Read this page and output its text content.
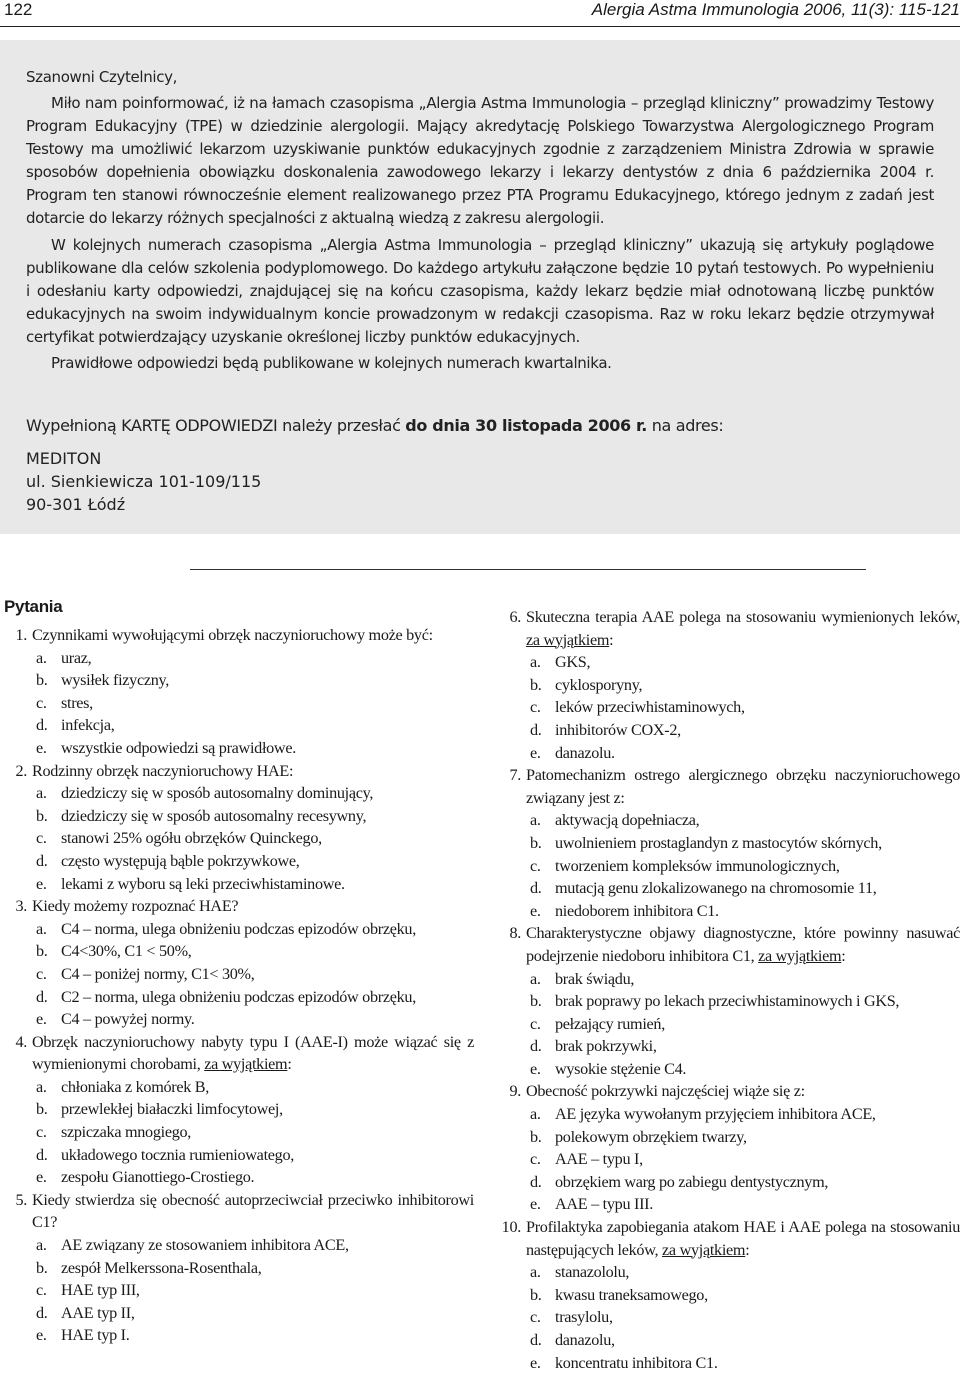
122	Alergia Astma Immunologia 2006, 11(3): 115-121

Szanowni Czytelnicy,

Miło nam poinformować, iż na łamach czasopisma „Alergia Astma Immunologia – przegląd kliniczny” prowadzimy Testowy Program Edukacyjny (TPE) w dziedzinie alergologii. Mający akredytację Polskiego Towarzystwa Alergologicznego Program Testowy ma umożliwić lekarzom uzyskiwanie punktów edukacyjnych zgodnie z zarządzeniem Ministra Zdrowia w sprawie sposobów dopełnienia obowiązku doskonalenia zawodowego lekarzy i lekarzy dentystów z dnia 6 października 2004 r. Program ten stanowi równocześnie element realizowanego przez PTA Programu Edukacyjnego, którego jednym z zadań jest dotarcie do lekarzy różnych specjalności z aktualną wiedzą z zakresu alergologii.

W kolejnych numerach czasopisma „Alergia Astma Immunologia – przegląd kliniczny” ukazują się artykuły poglądowe publikowane dla celów szkolenia podyplomowego. Do każdego artykułu załączone będzie 10 pytań testowych. Po wypełnieniu i odesłaniu karty odpowiedzi, znajdującej się na końcu czasopisma, każdy lekarz będzie miał odnotowaną liczbę punktów edukacyjnych na swoim indywidualnym koncie prowadzonym w redakcji czasopisma. Raz w roku lekarz będzie otrzymywał certyfikat potwierdzający uzyskanie określonej liczby punktów edukacyjnych.

Prawidłowe odpowiedzi będą publikowane w kolejnych numerach kwartalnika.

Wypełnioną KARTĘ ODPOWIEDZI należy przesłać do dnia 30 listopada 2006 r. na adres:

MEDITON
ul. Sienkiewicza 101-109/115
90-301 Łódź
Pytania
1. Czynnikami wywołującymi obrzęk naczynioruchowy może być:
a. uraz,
b. wysiłek fizyczny,
c. stres,
d. infekcja,
e. wszystkie odpowiedzi są prawidłowe.
2. Rodzinny obrzęk naczynioruchowy HAE:
a. dziedziczy się w sposób autosomalny dominujący,
b. dziedziczy się w sposób autosomalny recesywny,
c. stanowi 25% ogółu obrzęków Quinckego,
d. często występują bąble pokrzywkowe,
e. lekami z wyboru są leki przeciwhistaminowe.
3. Kiedy możemy rozpoznać HAE?
a. C4 – norma, ulega obniżeniu podczas epizodów obrzęku,
b. C4<30%, C1 < 50%,
c. C4 – poniżej normy, C1< 30%,
d. C2 – norma, ulega obniżeniu podczas epizodów obrzęku,
e. C4 – powyżej normy.
4. Obrzęk naczynioruchowy nabyty typu I (AAE-I) może wiązać się z wymienionymi chorobami, za wyjątkiem:
a. chłoniaka z komórek B,
b. przewlekłej białaczki limfocytowej,
c. szpiczaka mnogiego,
d. układowego tocznia rumieniowatego,
e. zespołu Gianottiego-Crostiego.
5. Kiedy stwierdza się obecność autoprzeciwciał przeciwko inhibitorowi C1?
a. AE związany ze stosowaniem inhibitora ACE,
b. zespół Melkerssona-Rosenthala,
c. HAE typ III,
d. AAE typ II,
e. HAE typ I.
6. Skuteczna terapia AAE polega na stosowaniu wymienionych leków, za wyjątkiem:
a. GKS,
b. cyklosporyny,
c. leków przeciwhistaminowych,
d. inhibitorów COX-2,
e. danazolu.
7. Patomechanizm ostrego alergicznego obrzęku naczynioruchowego związany jest z:
a. aktywacją dopełniacza,
b. uwolnieniem prostaglandyn z mastocytów skórnych,
c. tworzeniem kompleksów immunologicznych,
d. mutacją genu zlokalizowanego na chromosomie 11,
e. niedoborem inhibitora C1.
8. Charakterystyczne objawy diagnostyczne, które powinny nasuwać podejrzenie niedoboru inhibitora C1, za wyjątkiem:
a. brak świądu,
b. brak poprawy po lekach przeciwhistaminowych i GKS,
c. pełzający rumień,
d. brak pokrzywki,
e. wysokie stężenie C4.
9. Obecność pokrzywki najczęściej wiąże się z:
a. AE języka wywołanym przyjęciem inhibitora ACE,
b. polekowym obrzękiem twarzy,
c. AAE – typu I,
d. obrzękiem warg po zabiegu dentystycznym,
e. AAE – typu III.
10. Profilaktyka zapobiegania atakom HAE i AAE polega na stosowaniu następujących leków, za wyjątkiem:
a. stanazololu,
b. kwasu traneksamowego,
c. trasylolu,
d. danazolu,
e. koncentratu inhibitora C1.
